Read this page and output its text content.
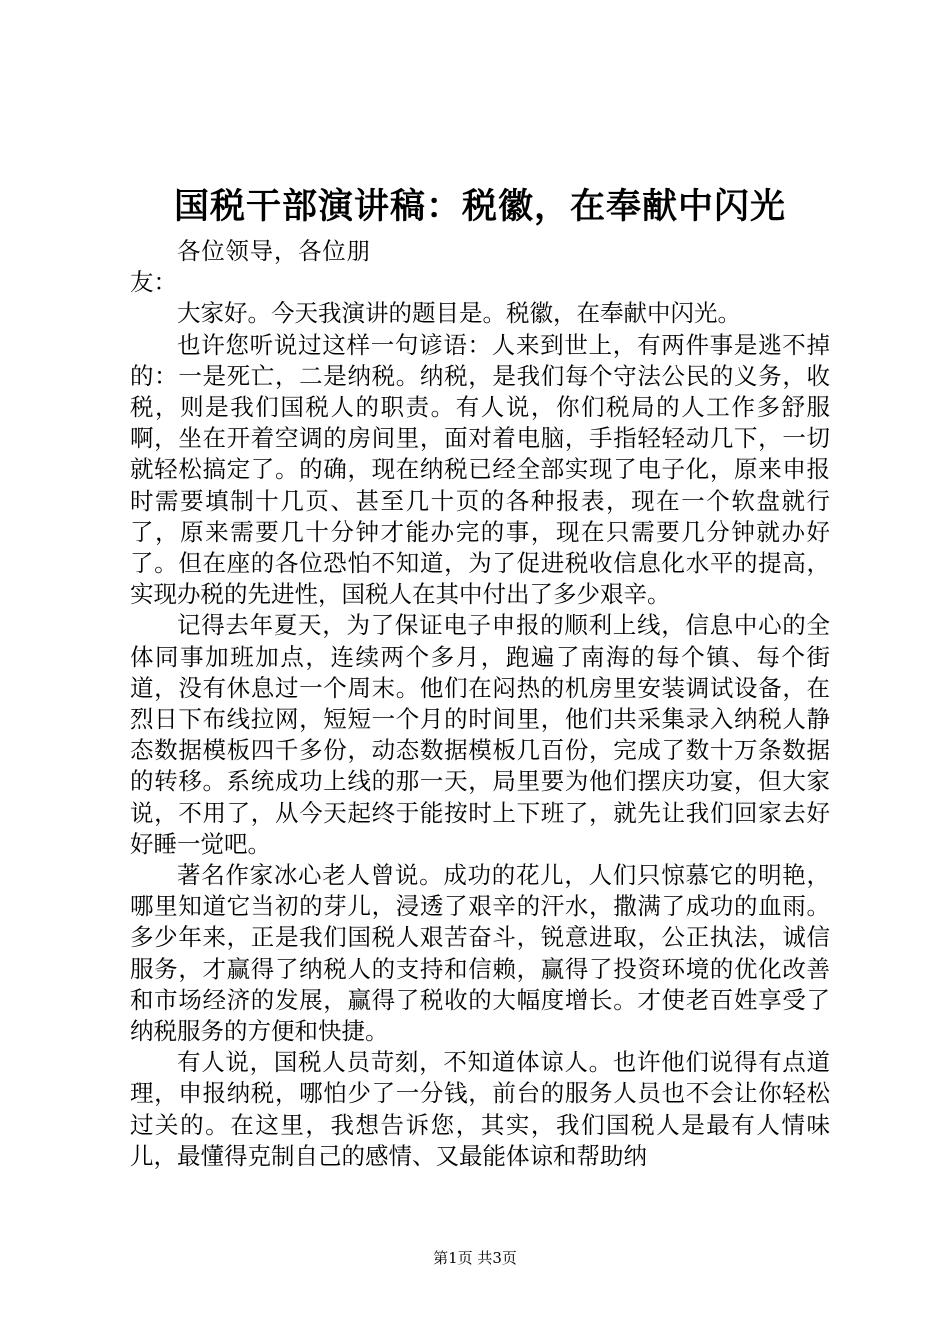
国税干部演讲稿：税徽，在奉献中闪光

各位领导，各位朋友：

大家好。今天我演讲的题目是。税徽，在奉献中闪光。

也许您听说过这样一句谚语：人来到世上，有两件事是逃不掉的：一是死亡，二是纳税。纳税，是我们每个守法公民的义务，收税，则是我们国税人的职责。有人说，你们税局的人工作多舒服啊，坐在开着空调的房间里，面对着电脑，手指轻轻动几下，一切就轻松搞定了。的确，现在纳税已经全部实现了电子化，原来申报时需要填制十几页、甚至几十页的各种报表，现在一个软盘就行了，原来需要几十分钟才能办完的事，现在只需要几分钟就办好了。但在座的各位恐怕不知道，为了促进税收信息化水平的提高，实现办税的先进性，国税人在其中付出了多少艰辛。

记得去年夏天，为了保证电子申报的顺利上线，信息中心的全体同事加班加点，连续两个多月，跑遍了南海的每个镇、每个街道，没有休息过一个周末。他们在闷热的机房里安装调试设备，在烈日下布线拉网，短短一个月的时间里，他们共采集录入纳税人静态数据模板四千多份，动态数据模板几百份，完成了数十万条数据的转移。系统成功上线的那一天，局里要为他们摆庆功宴，但大家说，不用了，从今天起终于能按时上下班了，就先让我们回家去好好睡一觉吧。

著名作家冰心老人曾说。成功的花儿，人们只惊慕它的明艳，哪里知道它当初的芽儿，浸透了艰辛的汗水，撒满了成功的血雨。多少年来，正是我们国税人艰苦奋斗，锐意进取，公正执法，诚信服务，才赢得了纳税人的支持和信赖，赢得了投资环境的优化改善和市场经济的发展，赢得了税收的大幅度增长。才使老百姓享受了纳税服务的方便和快捷。

有人说，国税人员苛刻，不知道体谅人。也许他们说得有点道理，申报纳税，哪怕少了一分钱，前台的服务人员也不会让你轻松过关的。在这里，我想告诉您，其实，我们国税人是最有人情味儿，最懂得克制自己的感情、又最能体谅和帮助纳

第1页 共3页
